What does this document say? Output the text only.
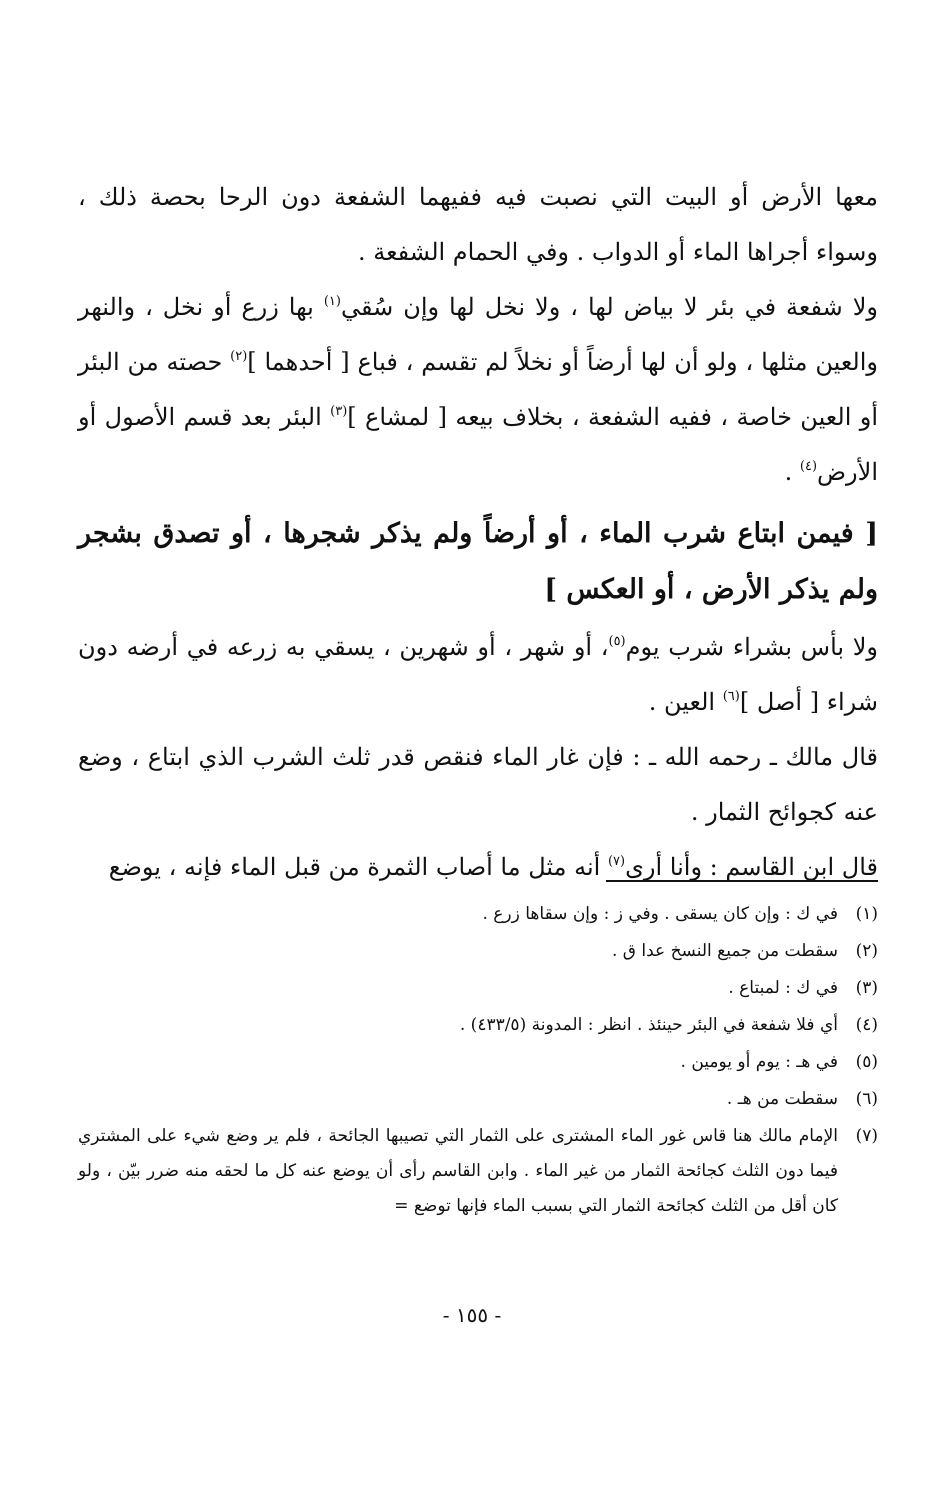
معها الأرض أو البيت التي نصبت فيه ففيهما الشفعة دون الرحا بحصة ذلك ، وسواء أجراها الماء أو الدواب . وفي الحمام الشفعة .

ولا شفعة في بئر لا بياض لها ، ولا نخل لها وإن سُقي$^{(١)}$ بها زرع أو نخل ، والنهر والعين مثلها ، ولو أن لها أرضاً أو نخلاً لم تقسم ، فباع [ أحدهما ]$^{(٢)}$ حصته من البئر أو العين خاصة ، ففيه الشفعة ، بخلاف بيعه [ لمشاع ]$^{(٣)}$ البئر بعد قسم الأصول أو الأرض$^{(٤)}$ .

[ فيمن ابتاع شرب الماء ، أو أرضاً ولم يذكر شجرها ، أو تصدق بشجر ولم يذكر الأرض ، أو العكس ]

ولا بأس بشراء شرب يوم$^{(٥)}$، أو شهر ، أو شهرين ، يسقي به زرعه في أرضه دون شراء [ أصل ]$^{(٦)}$ العين .

قال مالك ـ رحمه الله ـ : فإن غار الماء فنقص قدر ثلث الشرب الذي ابتاع ، وضع عنه كجوائح الثمار .

قال ابن القاسم : وأنا أرى$^{(٧)}$ أنه مثل ما أصاب الثمرة من قبل الماء فإنه ، يوضع

(١)
في ك : وإن كان يسقى . وفي ز : وإن سقاها زرع .
(٢)
سقطت من جميع النسخ عدا ق .
(٣)
في ك : لمبتاع .
(٤)
أي فلا شفعة في البئر حينئذ . انظر : المدونة (٤٣٣/٥) .
(٥)
في هـ : يوم أو يومين .
(٦)
سقطت من هـ .
(٧)
الإمام مالك هنا قاس غور الماء المشترى على الثمار التي تصيبها الجائحة ، فلم ير وضع شيء على المشتري فيما دون الثلث كجائحة الثمار من غير الماء . وابن القاسم رأى أن يوضع عنه كل ما لحقه منه ضرر بيّن ، ولو كان أقل من الثلث كجائحة الثمار التي بسبب الماء فإنها توضع =
- ١٥٥ -
